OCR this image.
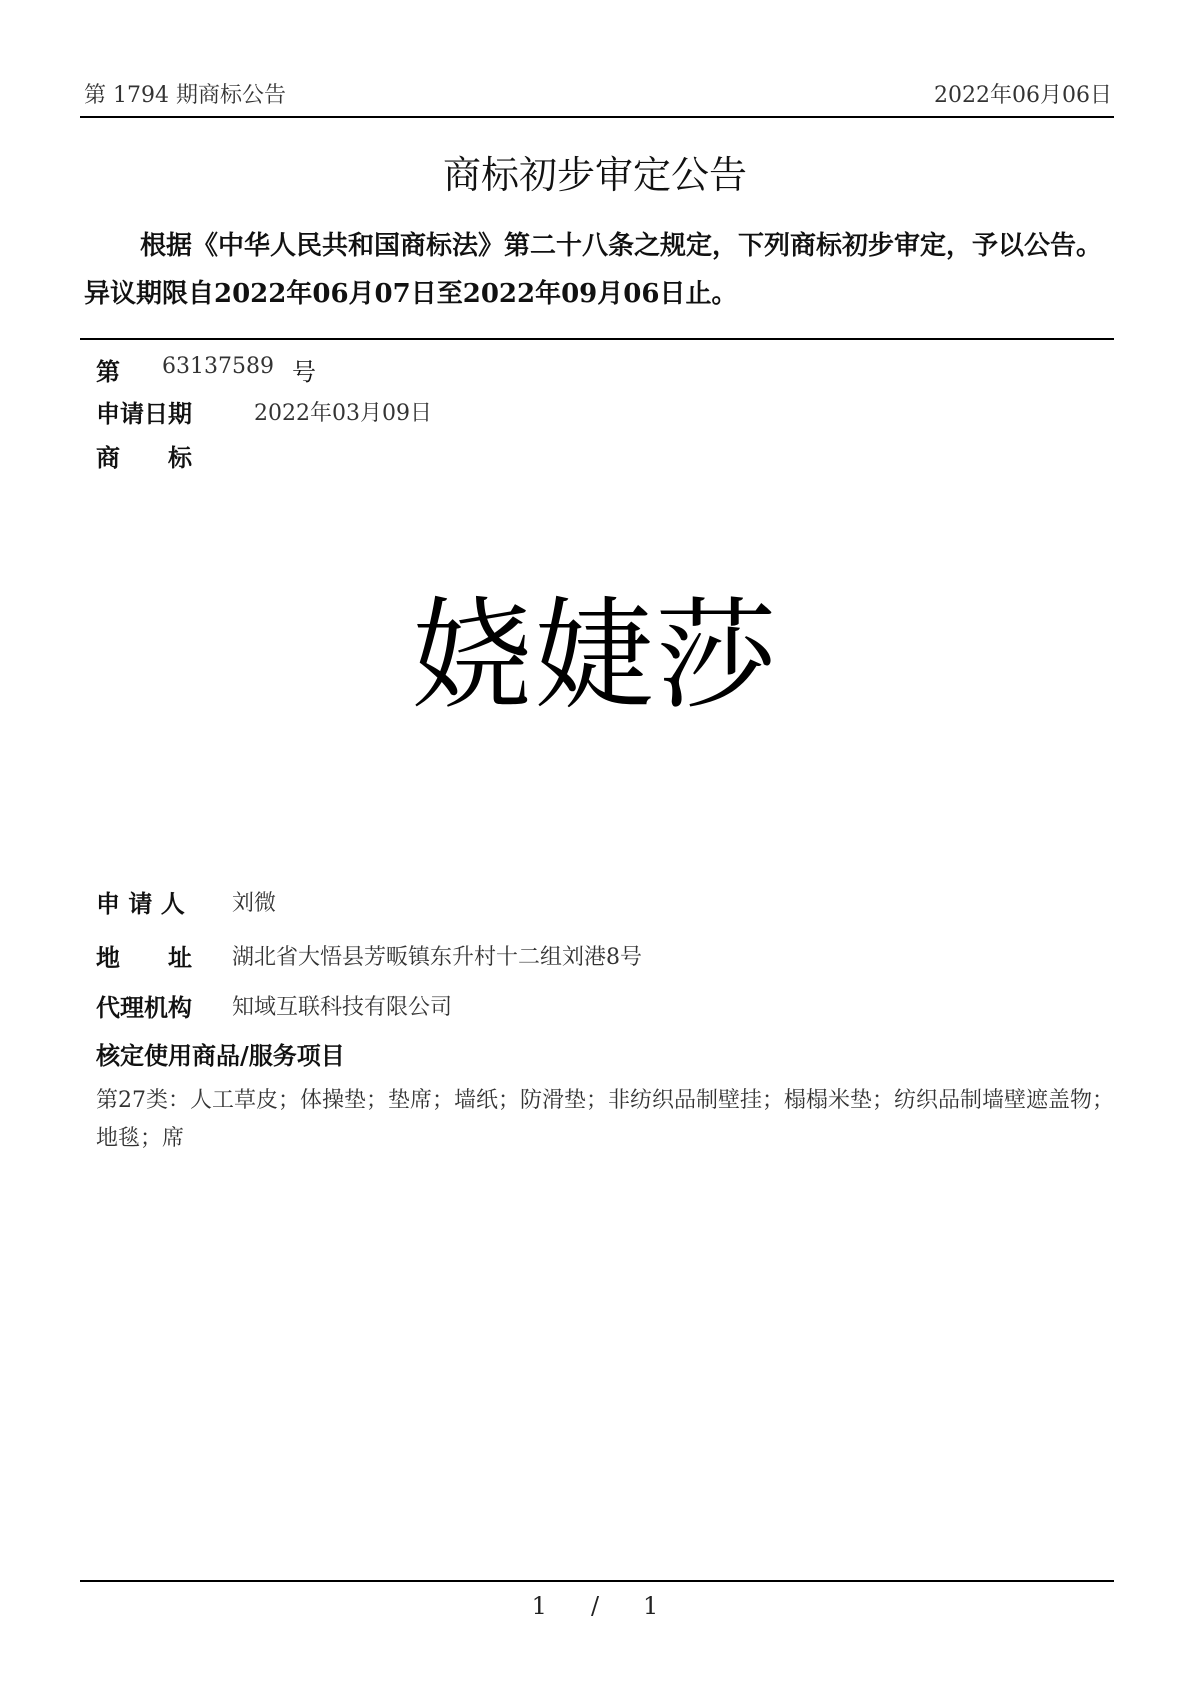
第 1794 期商标公告	2022年06月06日
商标初步审定公告
根据《中华人民共和国商标法》第二十八条之规定，下列商标初步审定，予以公告。异议期限自2022年06月07日至2022年09月06日止。
第 63137589 号
申请日期	2022年03月09日
商　　标
娆婕莎
申 请 人 刘微
地　　址 湖北省大悟县芳畈镇东升村十二组刘港8号
代理机构 知域互联科技有限公司
核定使用商品/服务项目
第27类：人工草皮；体操垫；垫席；墙纸；防滑垫；非纺织品制壁挂；榻榻米垫；纺织品制墙壁遮盖物；地毯；席
1 / 1
